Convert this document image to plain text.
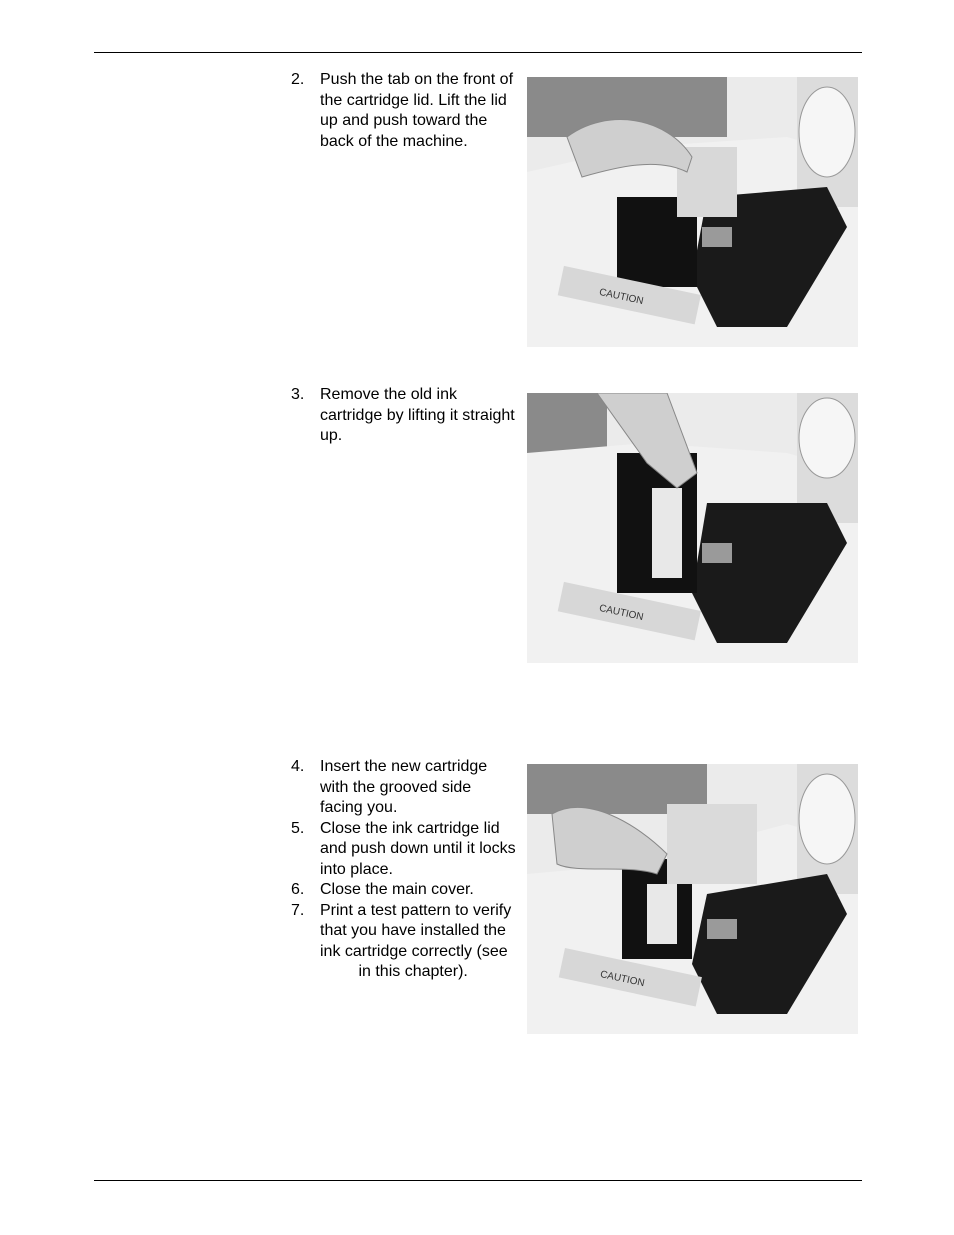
2. Push the tab on the front of the cartridge lid. Lift the lid up and push toward the back of the machine.
CAUTION
3. Remove the old ink cartridge by lifting it straight up.
CAUTION
4. Insert the new cartridge with the grooved side facing you.
5. Close the ink cartridge lid and push down until it locks into place.
6. Close the main cover.
7. Print a test pattern to verify that you have installed the ink cartridge correctly (see
in this chapter).	CAUTION
